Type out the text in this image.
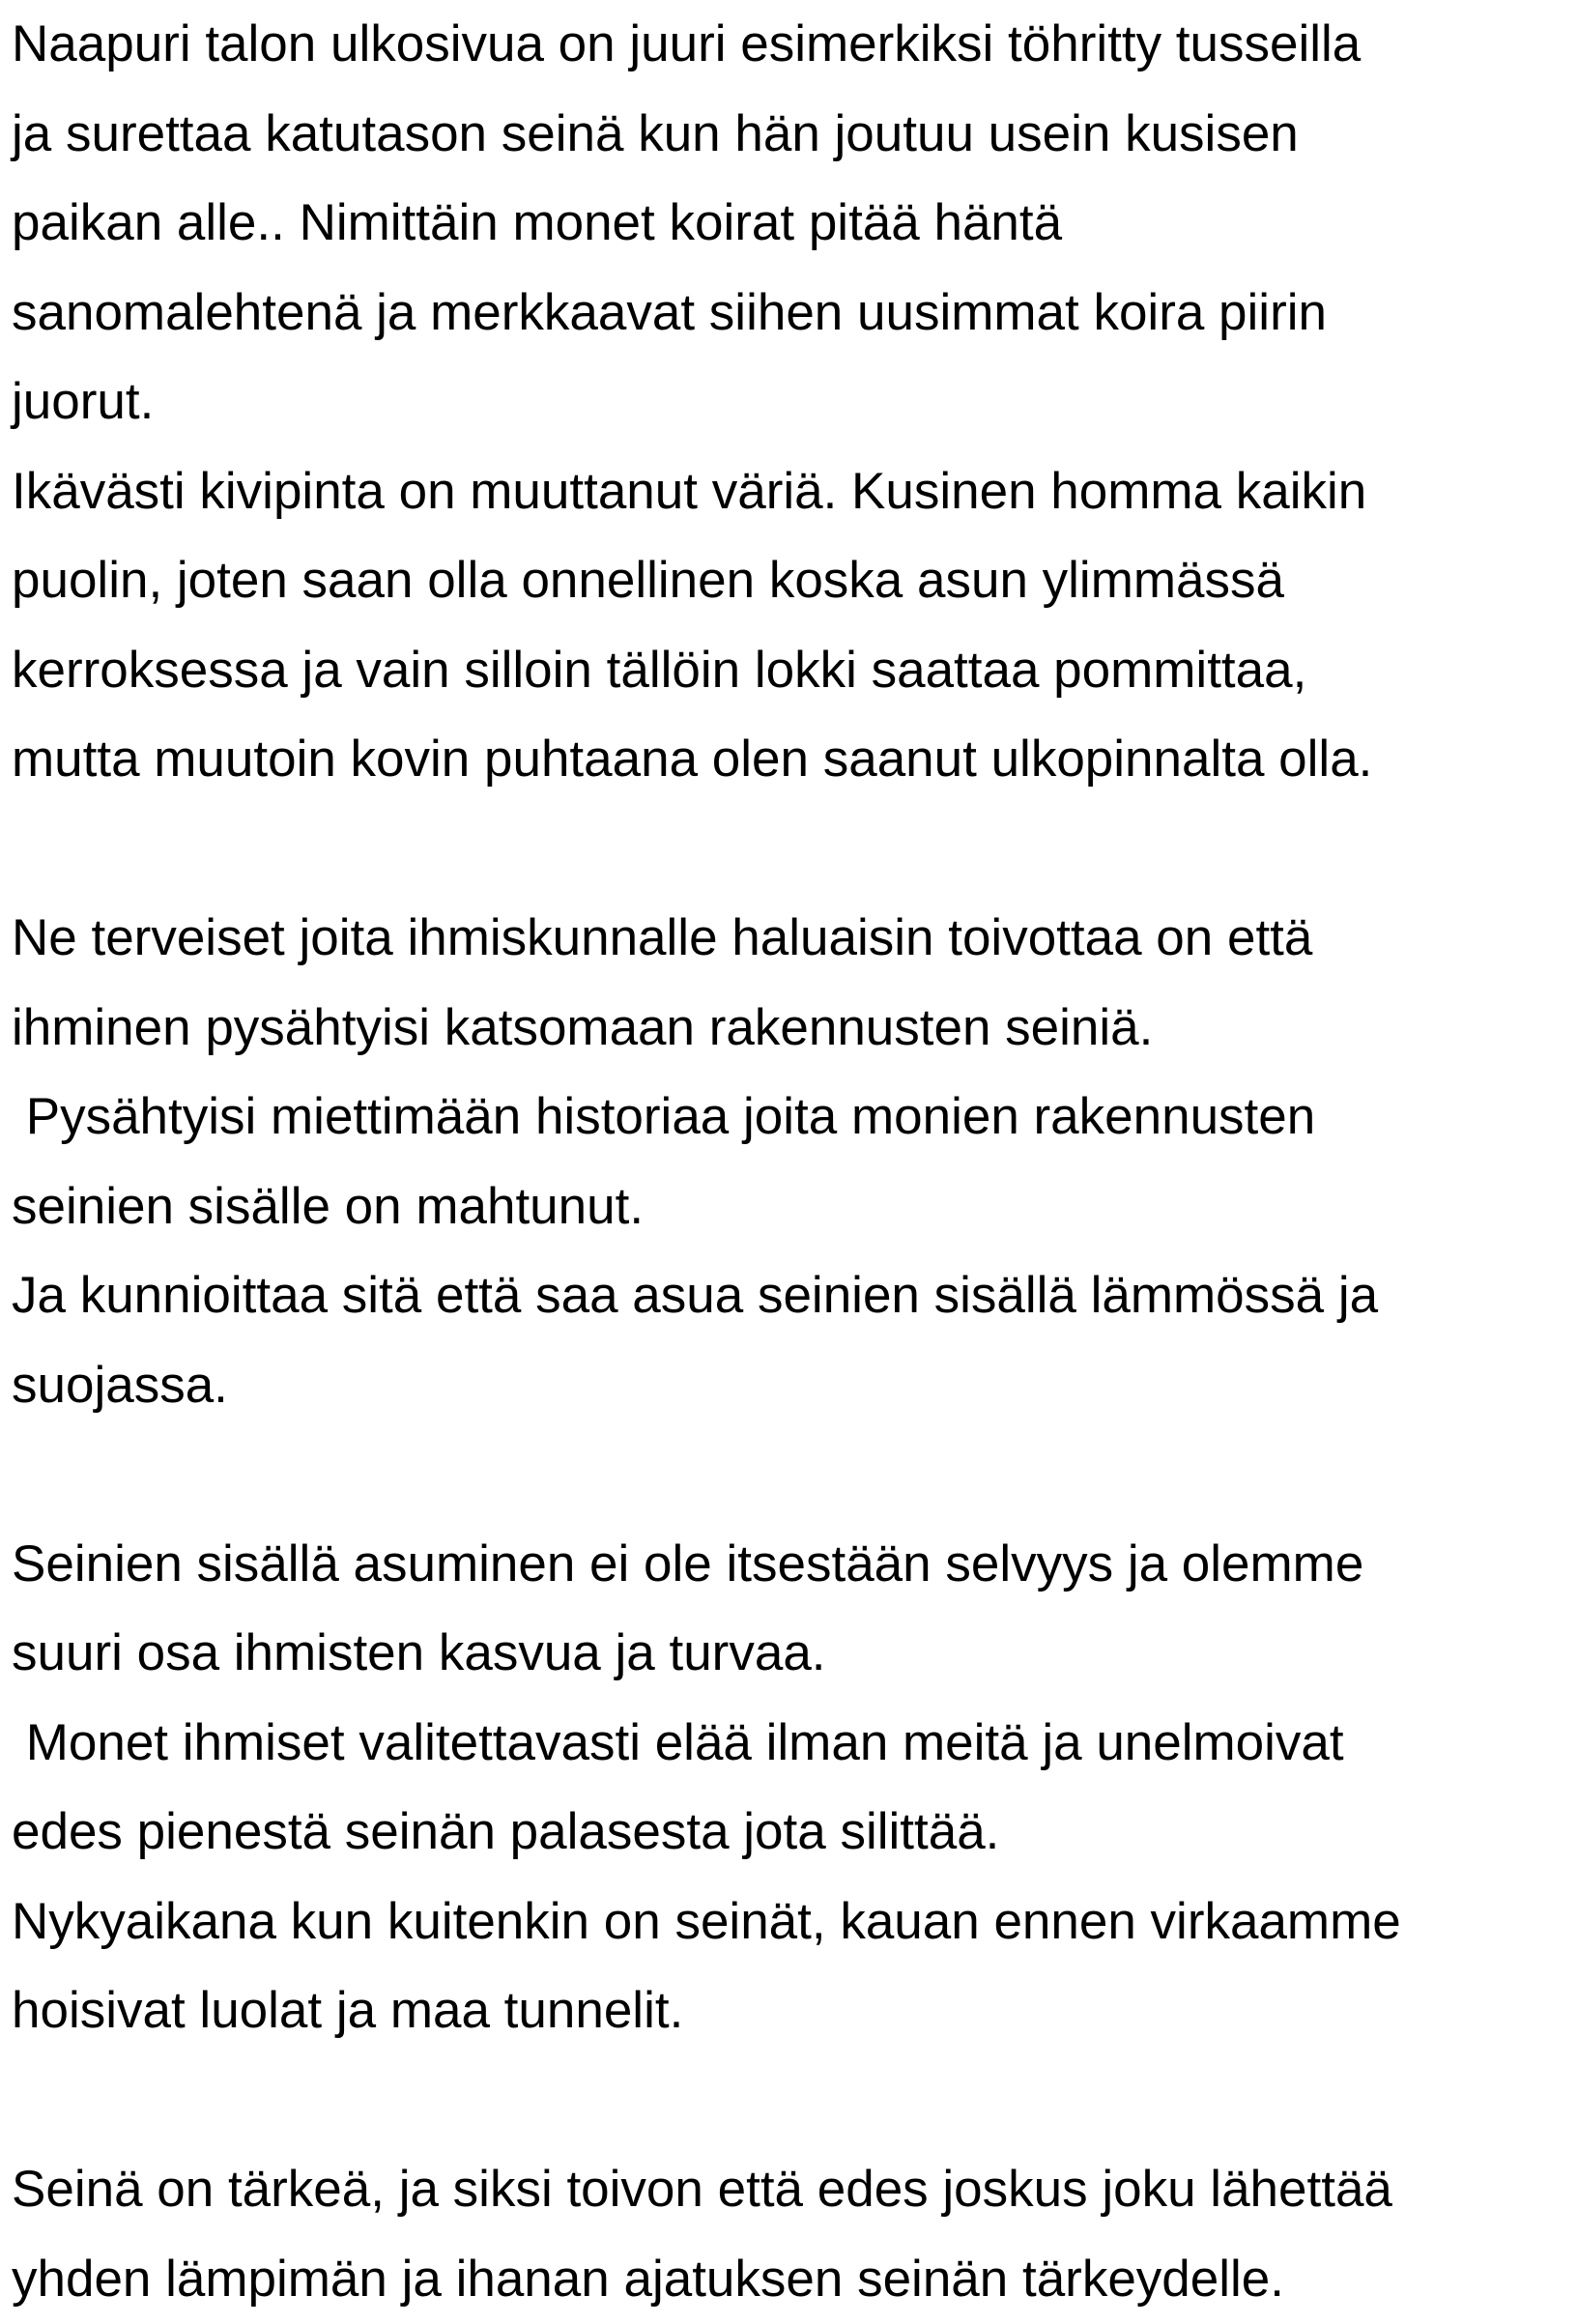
Naapuri talon ulkosivua on juuri esimerkiksi töhritty tusseilla
ja surettaa katutason seinä kun hän joutuu usein kusisen
paikan alle.. Nimittäin monet koirat pitää häntä
sanomalehtenä ja merkkaavat siihen uusimmat koira piirin
juorut.
Ikävästi kivipinta on muuttanut väriä. Kusinen homma kaikin
puolin, joten saan olla onnellinen koska asun ylimmässä
kerroksessa ja vain silloin tällöin lokki saattaa pommittaa,
mutta muutoin kovin puhtaana olen saanut ulkopinnalta olla.
Ne terveiset joita ihmiskunnalle haluaisin toivottaa on että
ihminen pysähtyisi katsomaan rakennusten seiniä.
Pysähtyisi miettimään historiaa joita monien rakennusten
seinien sisälle on mahtunut.
Ja kunnioittaa sitä että saa asua seinien sisällä lämmössä ja
suojassa.
Seinien sisällä asuminen ei ole itsestään selvyys ja olemme
suuri osa ihmisten kasvua ja turvaa.
Monet ihmiset valitettavasti elää ilman meitä ja unelmoivat
edes pienestä seinän palasesta jota silittää.
Nykyaikana kun kuitenkin on seinät, kauan ennen virkaamme
hoisivat luolat ja maa tunnelit.
Seinä on tärkeä, ja siksi toivon että edes joskus joku lähettää
yhden lämpimän ja ihanan ajatuksen seinän tärkeydelle.
